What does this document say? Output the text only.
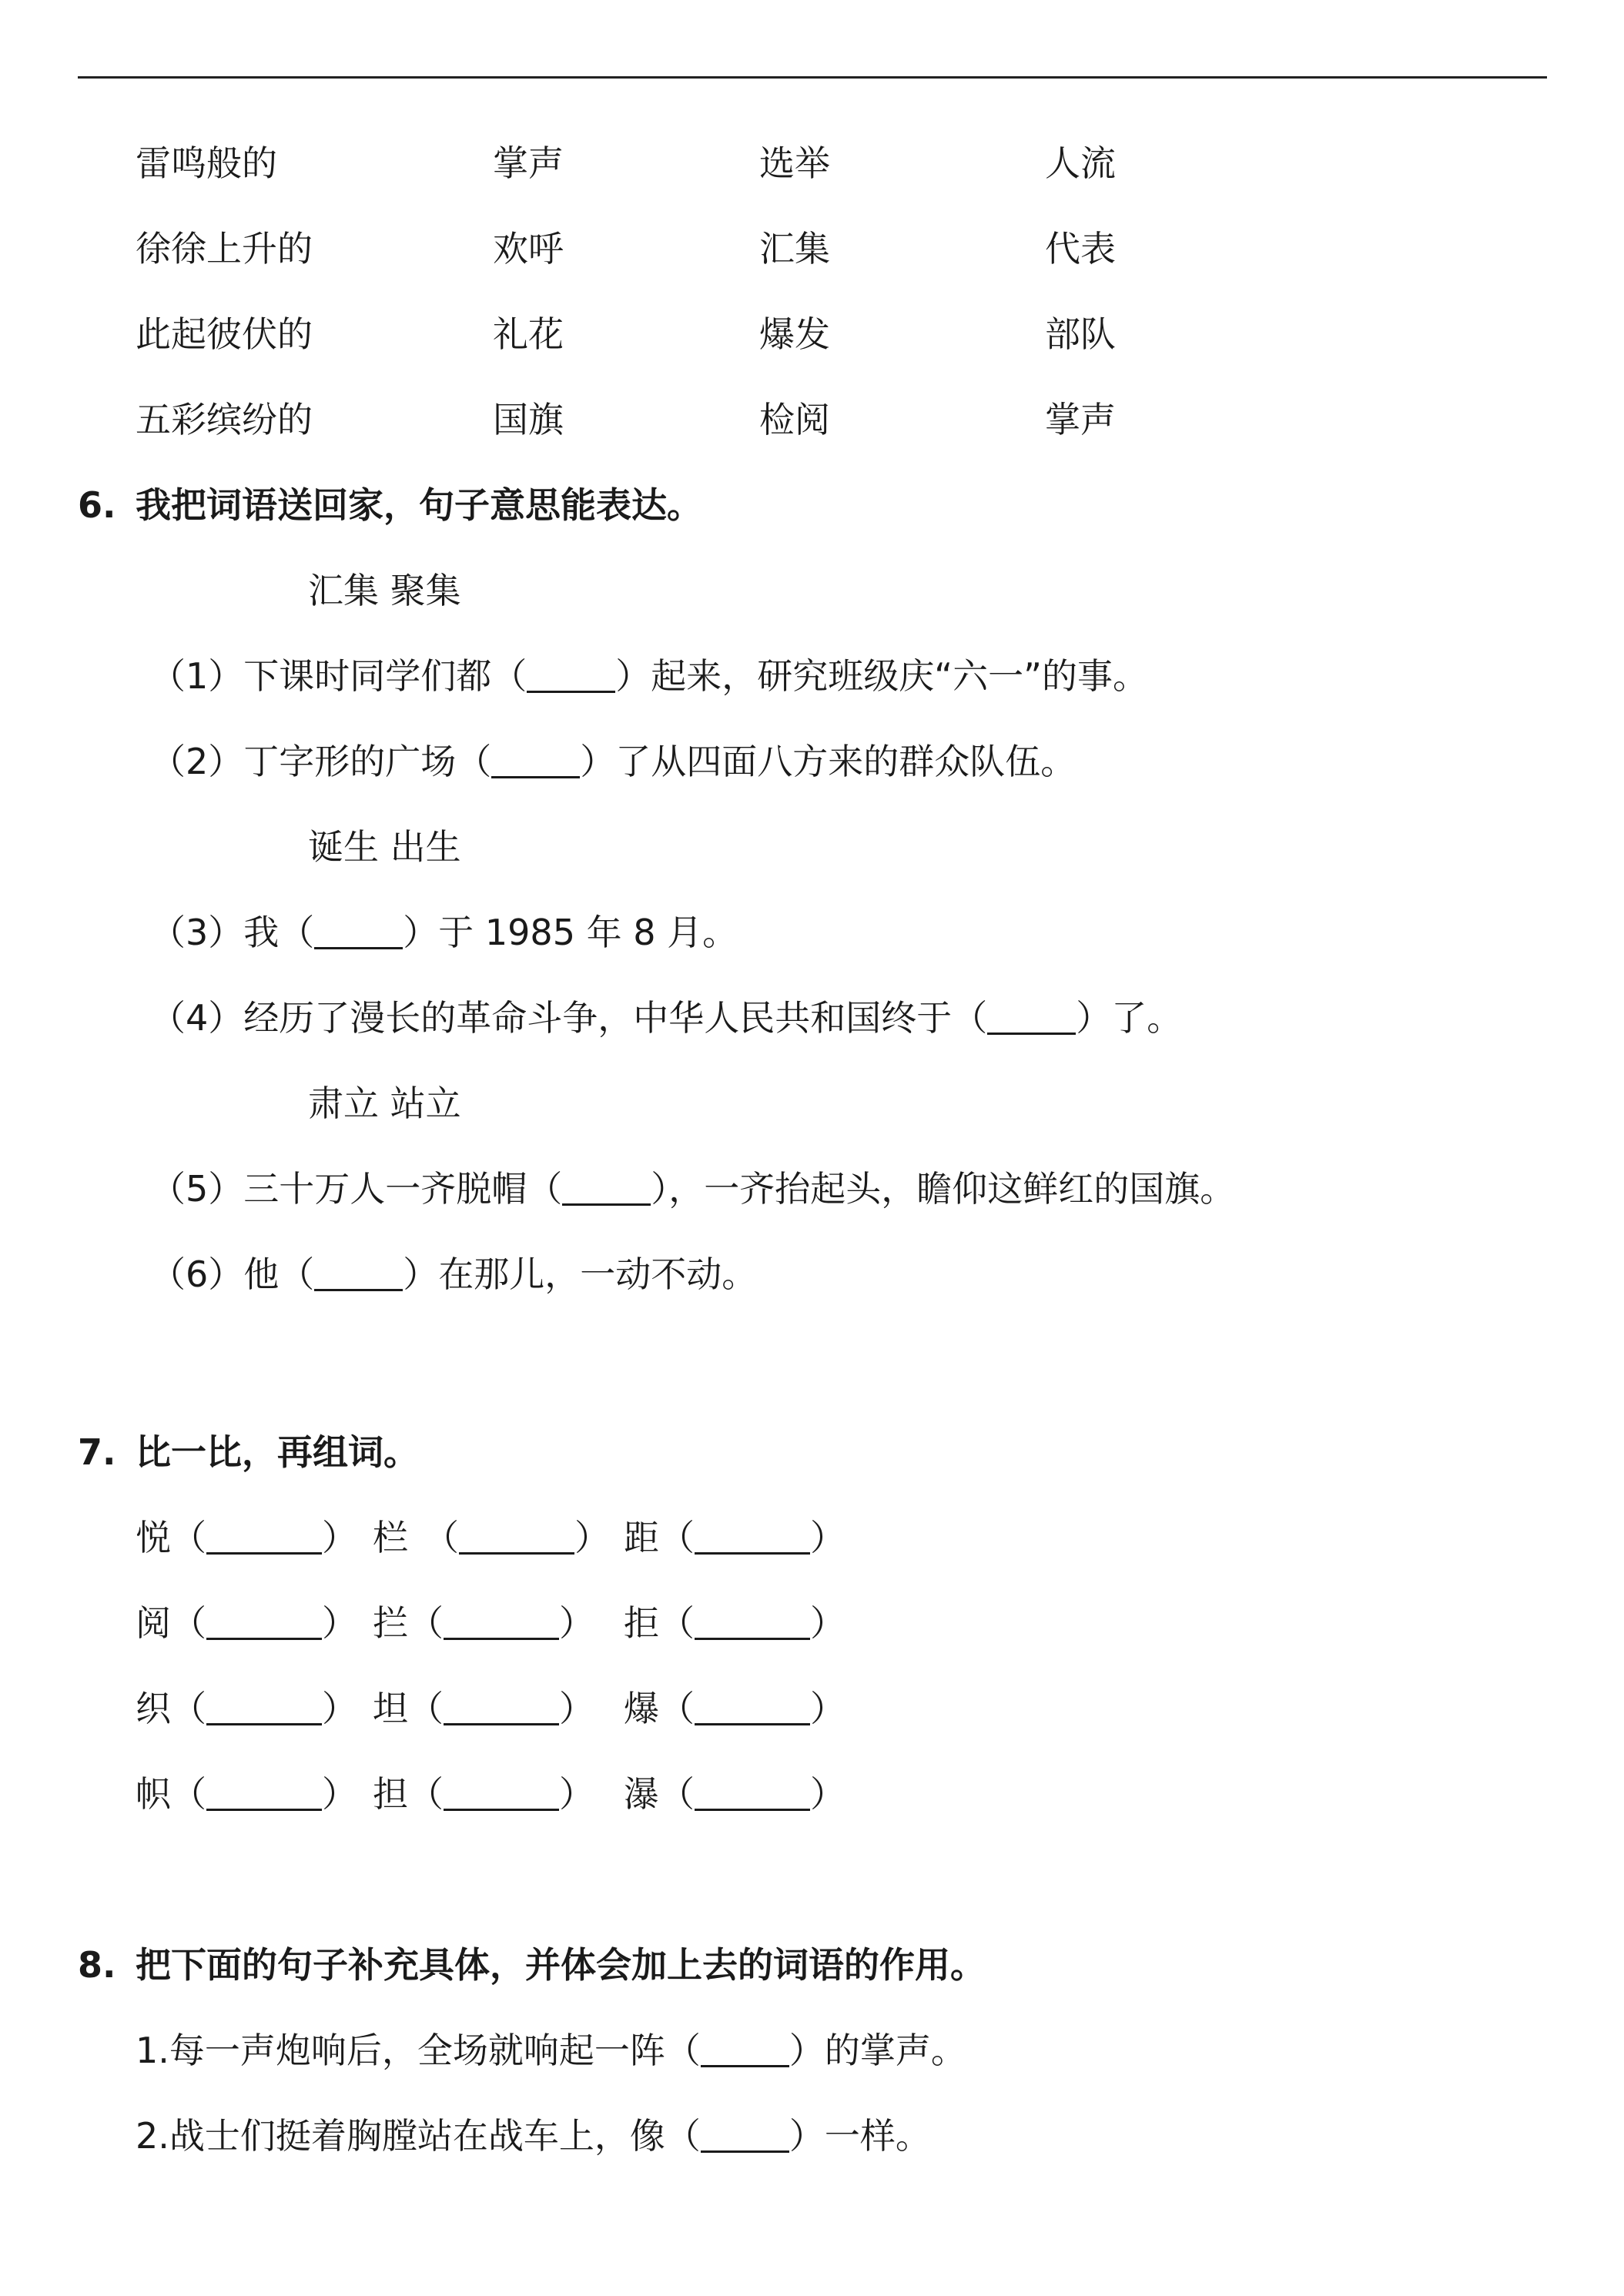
雷鸣般的	掌声	选举	人流
徐徐上升的	欢呼	汇集	代表
此起彼伏的	礼花	爆发	部队
五彩缤纷的	国旗	检阅	掌声
6. 我把词语送回家，句子意思能表达。
汇集 聚集
（1）下课时同学们都（	）起来，研究班级庆“六一”的事。
（2）丁字形的广场（	）了从四面八方来的群众队伍。
诞生 出生
（3）我（	）于 1985 年 8 月。
（4）经历了漫长的革命斗争，中华人民共和国终于（	）了。
肃立 站立
（5）三十万人一齐脱帽（	），一齐抬起头，瞻仰这鲜红的国旗。
（6）他（	）在那儿，一动不动。
7. 比一比，再组词。
悦（	） 栏 （	） 距（	）
阅（	） 拦（	） 拒（	）
织（	） 坦（	） 爆（	）
帜（	） 担（	） 瀑（	）
8. 把下面的句子补充具体，并体会加上去的词语的作用。
1.每一声炮响后，全场就响起一阵（	）的掌声。
2.战士们挺着胸膛站在战车上，像（	）一样。
